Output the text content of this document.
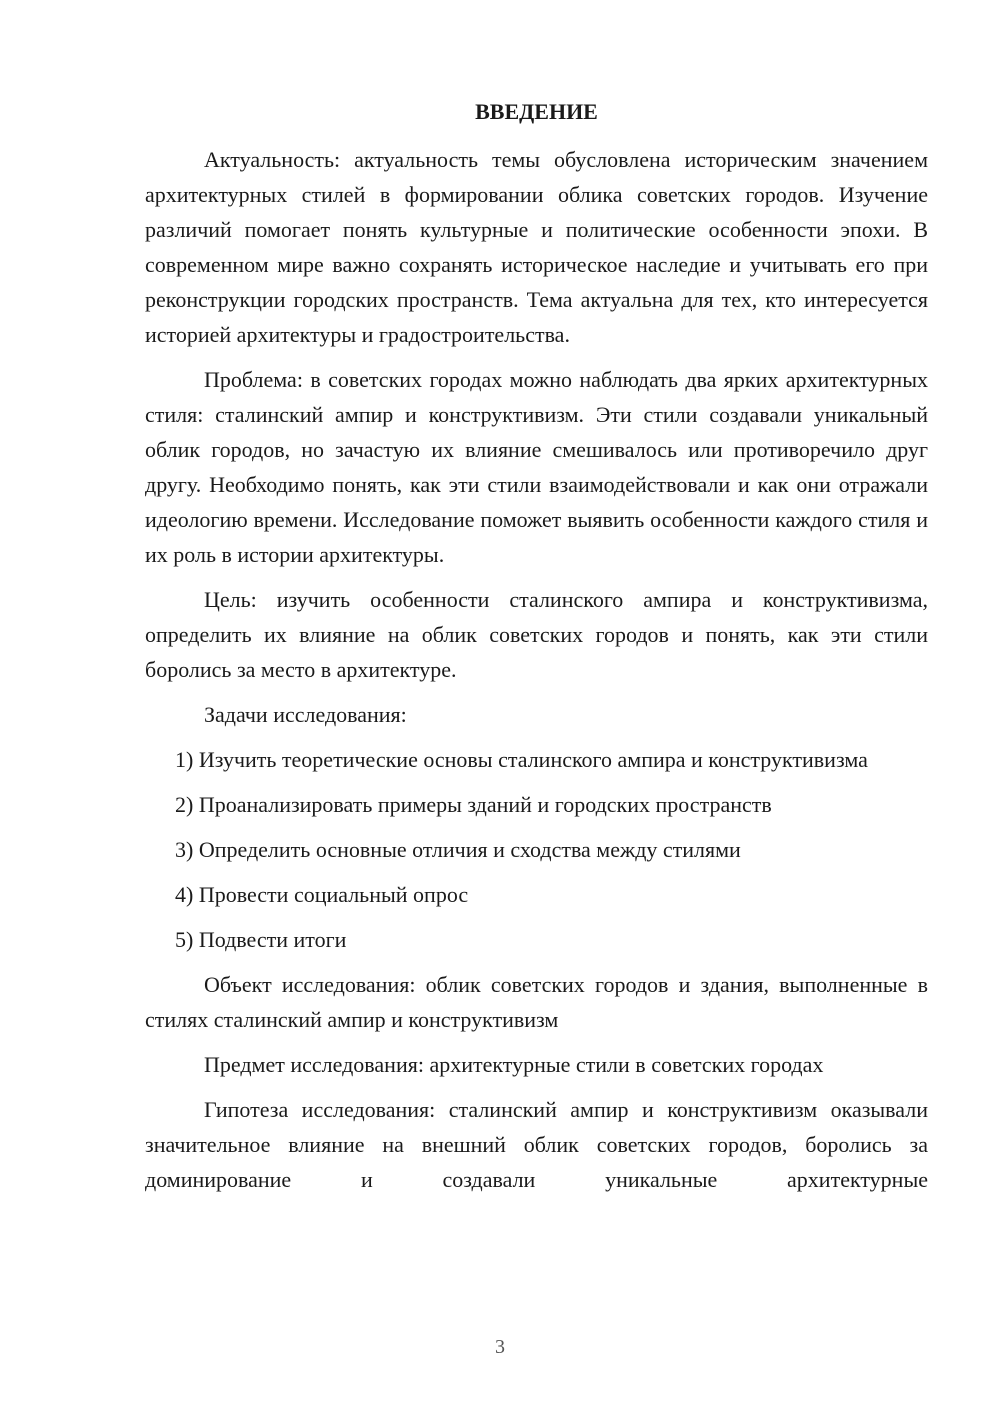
ВВЕДЕНИЕ

Актуальность: актуальность темы обусловлена историческим значением архитектурных стилей в формировании облика советских городов. Изучение различий помогает понять культурные и политические особенности эпохи. В современном мире важно сохранять историческое наследие и учитывать его при реконструкции городских пространств. Тема актуальна для тех, кто интересуется историей архитектуры и градостроительства.

Проблема: в советских городах можно наблюдать два ярких архитектурных стиля: сталинский ампир и конструктивизм. Эти стили создавали уникальный облик городов, но зачастую их влияние смешивалось или противоречило друг другу. Необходимо понять, как эти стили взаимодействовали и как они отражали идеологию времени. Исследование поможет выявить особенности каждого стиля и их роль в истории архитектуры.

Цель: изучить особенности сталинского ампира и конструктивизма, определить их влияние на облик советских городов и понять, как эти стили боролись за место в архитектуре.

Задачи исследования:

1) Изучить теоретические основы сталинского ампира и конструктивизма

2) Проанализировать примеры зданий и городских пространств

3) Определить основные отличия и сходства между стилями

4) Провести социальный опрос

5) Подвести итоги

Объект исследования: облик советских городов и здания, выполненные в стилях сталинский ампир и конструктивизм

Предмет исследования: архитектурные стили в советских городах

Гипотеза исследования: сталинский ампир и конструктивизм оказывали значительное влияние на внешний облик советских городов, боролись за доминирование и создавали уникальные архитектурные

3
